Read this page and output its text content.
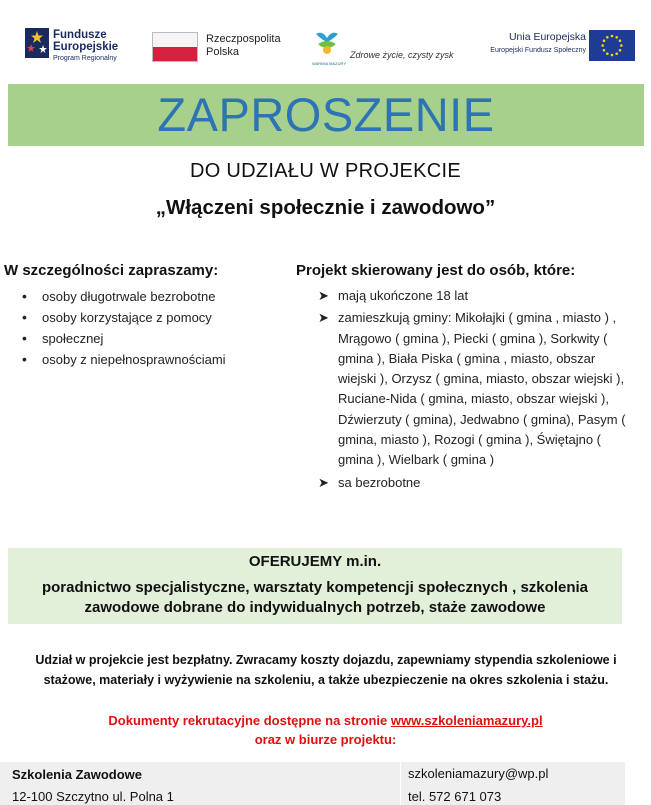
Fundusze
Europejskie
Program Regionalny
Rzeczpospolita
Polska
WARMIA MAZURY
Zdrowe życie, czysty zysk
Unia Europejska
Europejski Fundusz Społeczny
ZAPROSZENIE
DO UDZIAŁU W PROJEKCIE
„Włączeni społecznie i zawodowo”
W szczególności zapraszamy:
• osoby długotrwale bezrobotne
• osoby korzystające z pomocy
• społecznej
• osoby z niepełnosprawnościami
Projekt skierowany jest do osób, które:
➤ mają ukończone 18 lat
➤ zamieszkują gminy: Mikołajki ( gmina , miasto ) , Mrągowo ( gmina ), Piecki ( gmina ), Sorkwity ( gmina ), Biała Piska ( gmina , miasto, obszar wiejski ), Orzysz ( gmina, miasto, obszar wiejski ), Ruciane-Nida ( gmina, miasto, obszar wiejski ), Dźwierzuty ( gmina), Jedwabno ( gmina), Pasym ( gmina, miasto ), Rozogi ( gmina ), Świętajno ( gmina ), Wielbark ( gmina )
➤ sa bezrobotne
OFERUJEMY m.in.
poradnictwo specjalistyczne, warsztaty kompetencji społecznych , szkolenia zawodowe dobrane do indywidualnych potrzeb, staże zawodowe
Udział w projekcie jest bezpłatny. Zwracamy koszty dojazdu, zapewniamy stypendia szkoleniowe i stażowe, materiały i wyżywienie na szkoleniu, a także ubezpieczenie na okres szkolenia i stażu.
Dokumenty rekrutacyjne dostępne na stronie www.szkoleniamazury.pl
oraz w biurze projektu:
Szkolenia Zawodowe
12-100 Szczytno ul. Polna 1
szkoleniamazury@wp.pl
tel. 572 671 073
